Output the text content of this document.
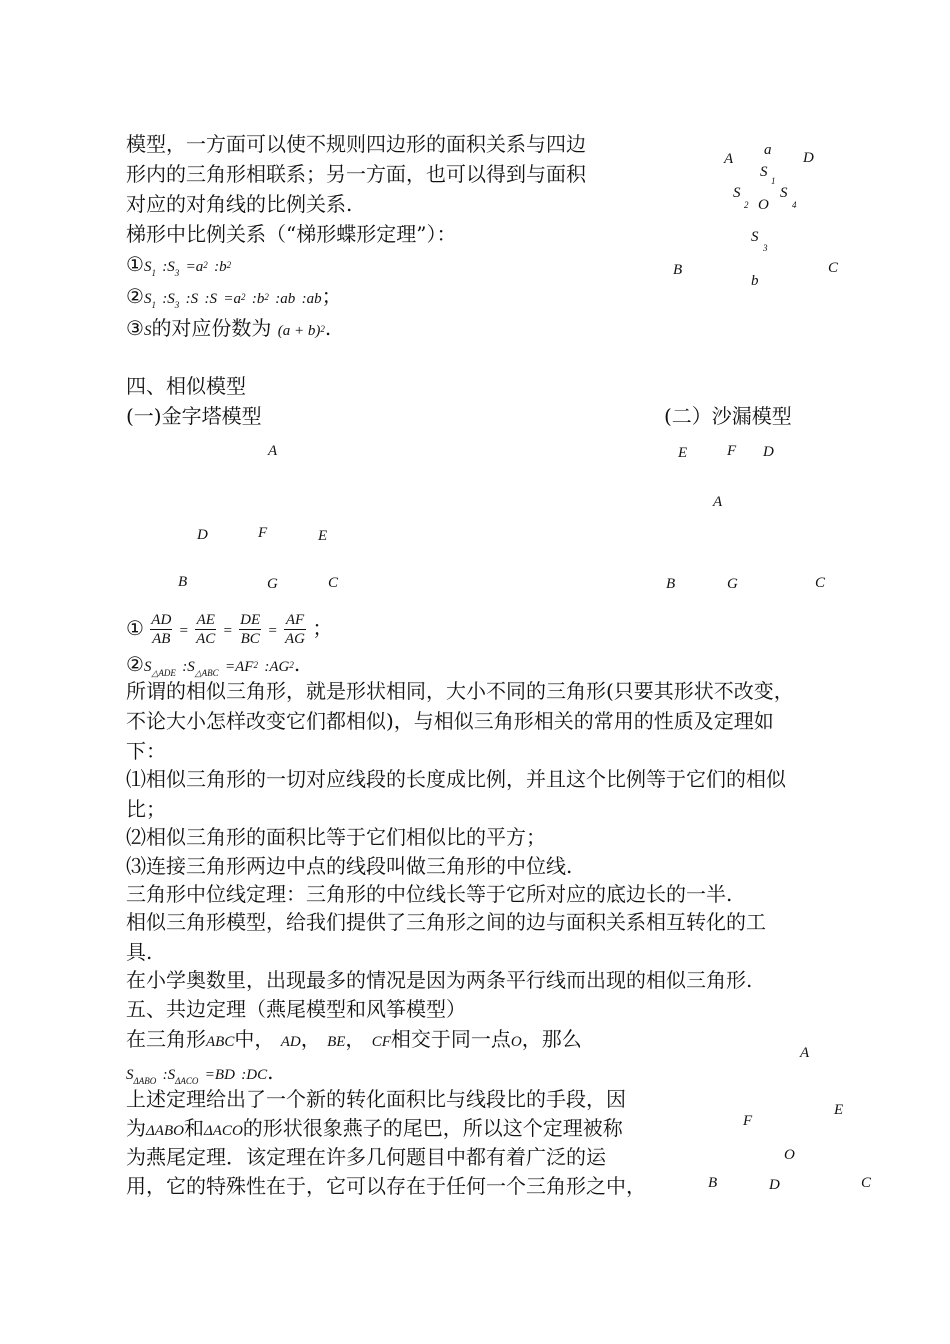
模型，一方面可以使不规则四边形的面积关系与四边
形内的三角形相联系；另一方面，也可以得到与面积
对应的对角线的比例关系.
梯形中比例关系（“梯形蝶形定理”）：
$①S_1$ $:S_3 =a2$ :b2
$②S_1$ $:S_3$ :S :S =a2 :b2 :ab :ab；
③S的对应份数为 (a + b)2.
A
a D
S
1
S
2 O
S
4
S
3
B
b
C
四、相似模型
(一)金字塔模型	(二）沙漏模型
A
D	F	E
B	G	C
E	F D
A
B	G	C
① $\frac{AD}{AB} = \frac{AE}{AC} = \frac{DE}{BC} = \frac{AF}{AG}$ ；
$②S_{\triangle ADE}$ $:S_{\triangle ABC} =AF2$ :AG2.
所谓的相似三角形，就是形状相同，大小不同的三角形(只要其形状不改变，
不论大小怎样改变它们都相似)，与相似三角形相关的常用的性质及定理如
下：
⑴相似三角形的一切对应线段的长度成比例，并且这个比例等于它们的相似
比；
⑵相似三角形的面积比等于它们相似比的平方；
⑶连接三角形两边中点的线段叫做三角形的中位线.
三角形中位线定理：三角形的中位线长等于它所对应的底边长的一半.
相似三角形模型，给我们提供了三角形之间的边与面积关系相互转化的工
具.
在小学奥数里，出现最多的情况是因为两条平行线而出现的相似三角形.
五、共边定理（燕尾模型和风筝模型）
在三角形ABC中， AD， BE， CF相交于同一点O，那么
$S_{\Delta ABO}$ $:S_{\Delta ACO} =BD$ :DC.
上述定理给出了一个新的转化面积比与线段比的手段，因
为ΔABO和ΔACO的形状很象燕子的尾巴，所以这个定理被称
为燕尾定理．该定理在许多几何题目中都有着广泛的运
用，它的特殊性在于，它可以存在于任何一个三角形之中，
A
E
F
O
B	D	C
